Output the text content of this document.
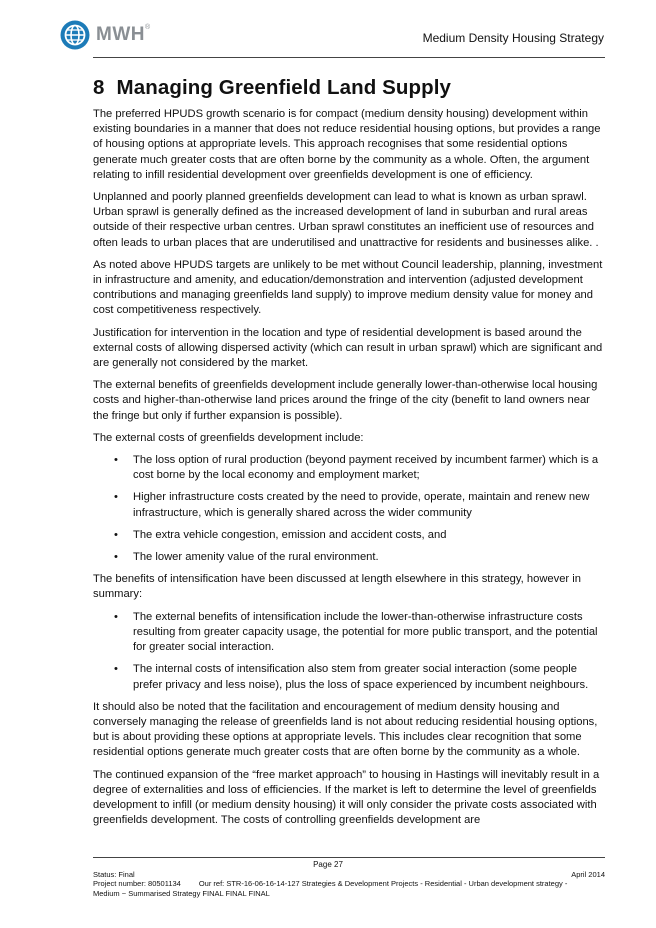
MWH®
Medium Density Housing Strategy
8 Managing Greenfield Land Supply

The preferred HPUDS growth scenario is for compact (medium density housing) development within existing boundaries in a manner that does not reduce residential housing options, but provides a range of housing options at appropriate levels. This approach recognises that some residential options generate much greater costs that are often borne by the community as a whole. Often, the argument relating to infill residential development over greenfields development is one of efficiency.

Unplanned and poorly planned greenfields development can lead to what is known as urban sprawl. Urban sprawl is generally defined as the increased development of land in suburban and rural areas outside of their respective urban centres. Urban sprawl constitutes an inefficient use of resources and often leads to urban places that are underutilised and unattractive for residents and businesses alike. .

As noted above HPUDS targets are unlikely to be met without Council leadership, planning, investment in infrastructure and amenity, and education/demonstration and intervention (adjusted development contributions and managing greenfields land supply) to improve medium density value for money and cost competitiveness respectively.

Justification for intervention in the location and type of residential development is based around the external costs of allowing dispersed activity (which can result in urban sprawl) which are significant and are generally not considered by the market.

The external benefits of greenfields development include generally lower-than-otherwise local housing costs and higher-than-otherwise land prices around the fringe of the city (benefit to land owners near the fringe but only if further expansion is possible).

The external costs of greenfields development include:

• The loss option of rural production (beyond payment received by incumbent farmer) which is a cost borne by the local economy and employment market;
• Higher infrastructure costs created by the need to provide, operate, maintain and renew new infrastructure, which is generally shared across the wider community
• The extra vehicle congestion, emission and accident costs, and
• The lower amenity value of the rural environment.

The benefits of intensification have been discussed at length elsewhere in this strategy, however in summary:

• The external benefits of intensification include the lower-than-otherwise infrastructure costs resulting from greater capacity usage, the potential for more public transport, and the potential for greater social interaction.
• The internal costs of intensification also stem from greater social interaction (some people prefer privacy and less noise), plus the loss of space experienced by incumbent neighbours.

It should also be noted that the facilitation and encouragement of medium density housing and conversely managing the release of greenfields land is not about reducing residential housing options, but is about providing these options at appropriate levels. This includes clear recognition that some residential options generate much greater costs that are often borne by the community as a whole.

The continued expansion of the “free market approach” to housing in Hastings will inevitably result in a degree of externalities and loss of efficiencies. If the market is left to determine the level of greenfields development to infill (or medium density housing) it will only consider the private costs associated with greenfields development. The costs of controlling greenfields development are

Page 27
Status: Final	April 2014
Project number: 80501134 Our ref: STR-16-06-16-14-127 Strategies & Development Projects - Residential - Urban development strategy -
Medium ~ Summarised Strategy FINAL FINAL FINAL
